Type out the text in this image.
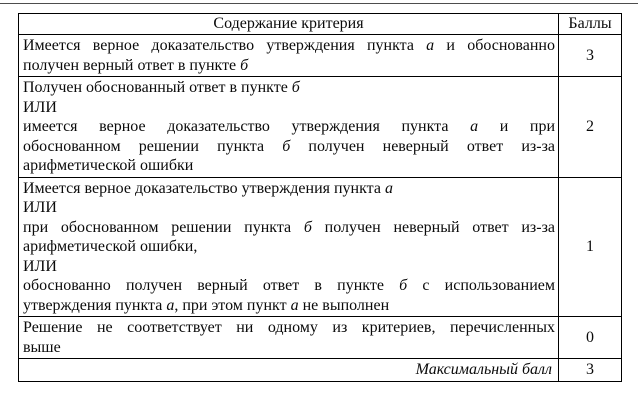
Содержание критерия	Баллы

Имеется верное доказательство утверждения пункта а и обоснованно
получен верный ответ в пункте б	3

Получен обоснованный ответ в пункте б
ИЛИ
имеется верное доказательство утверждения пункта а и при
обоснованном решении пункта б получен неверный ответ из-за
арифметической ошибки	2

Имеется верное доказательство утверждения пункта а
ИЛИ
при обоснованном решении пункта б получен неверный ответ из-за
арифметической ошибки,
ИЛИ
обоснованно получен верный ответ в пункте б с использованием
утверждения пункта а, при этом пункт а не выполнен
	1

Решение не соответствует ни одному из критериев, перечисленных
выше	0

Максимальный балл	3
